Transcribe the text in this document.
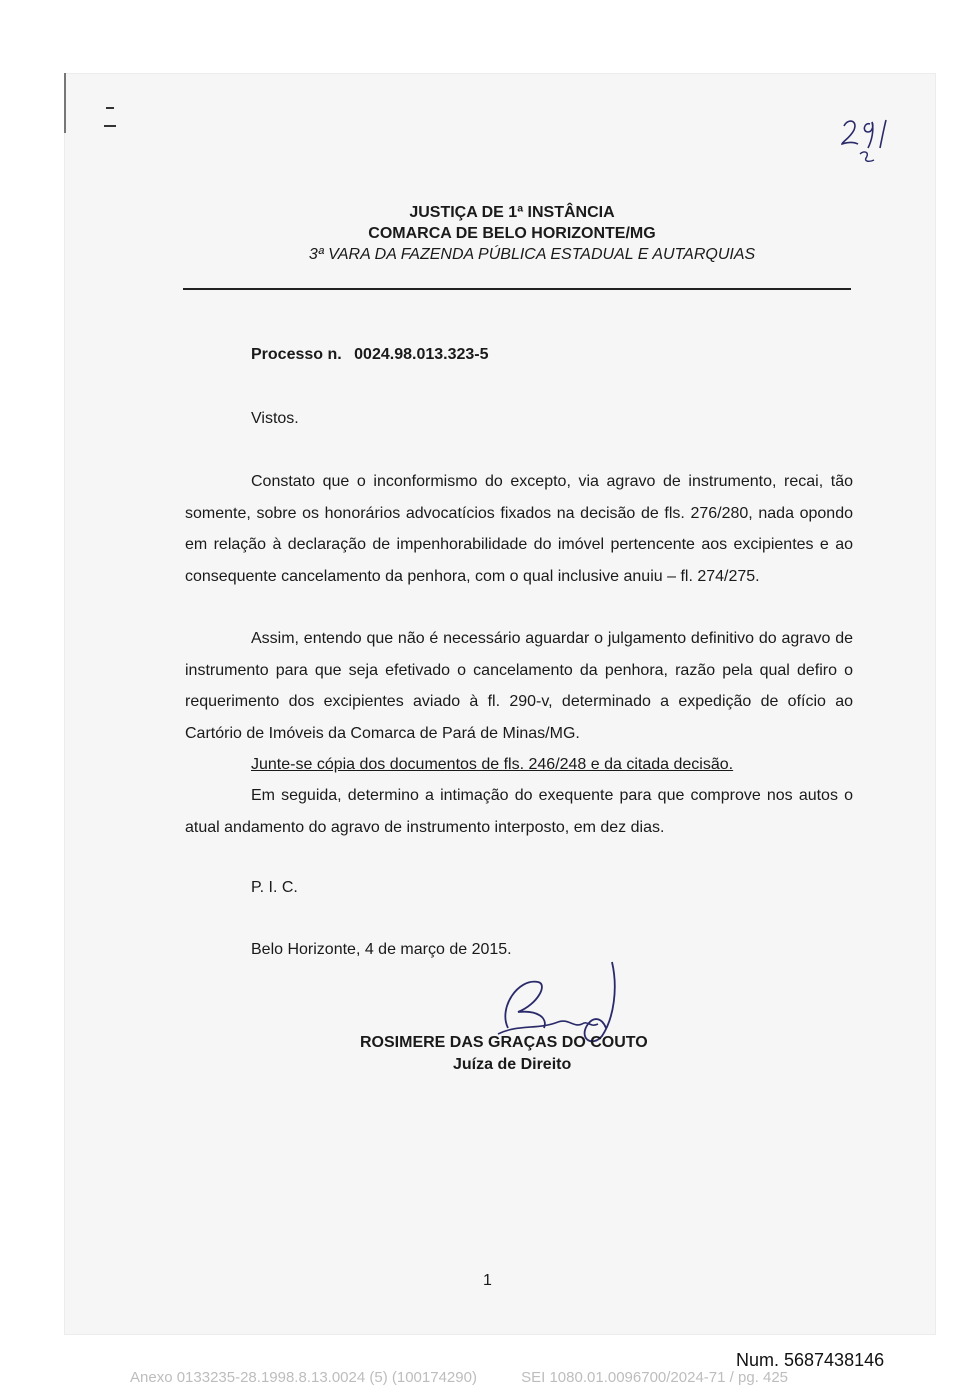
JUSTIÇA DE 1ª INSTÂNCIA
COMARCA DE BELO HORIZONTE/MG
3ª VARA DA FAZENDA PÚBLICA ESTADUAL E AUTARQUIAS
Processo n. 0024.98.013.323-5
Vistos.

Constato que o inconformismo do excepto, via agravo de instrumento, recai, tão somente, sobre os honorários advocatícios fixados na decisão de fls. 276/280, nada opondo em relação à declaração de impenhorabilidade do imóvel pertencente aos excipientes e ao consequente cancelamento da penhora, com o qual inclusive anuiu – fl. 274/275.

Assim, entendo que não é necessário aguardar o julgamento definitivo do agravo de instrumento para que seja efetivado o cancelamento da penhora, razão pela qual defiro o requerimento dos excipientes aviado à fl. 290-v, determinado a expedição de ofício ao Cartório de Imóveis da Comarca de Pará de Minas/MG.

Junte-se cópia dos documentos de fls. 246/248 e da citada decisão.

Em seguida, determino a intimação do exequente para que comprove nos autos o atual andamento do agravo de instrumento interposto, em dez dias.

P. I. C.
Belo Horizonte, 4 de março de 2015.
ROSIMERE DAS GRAÇAS DO COUTO
Juíza de Direito
1
Num. 5687438146
Anexo 0133235-28.1998.8.13.0024 (5) (100174290)	SEI 1080.01.0096700/2024-71 / pg. 425
